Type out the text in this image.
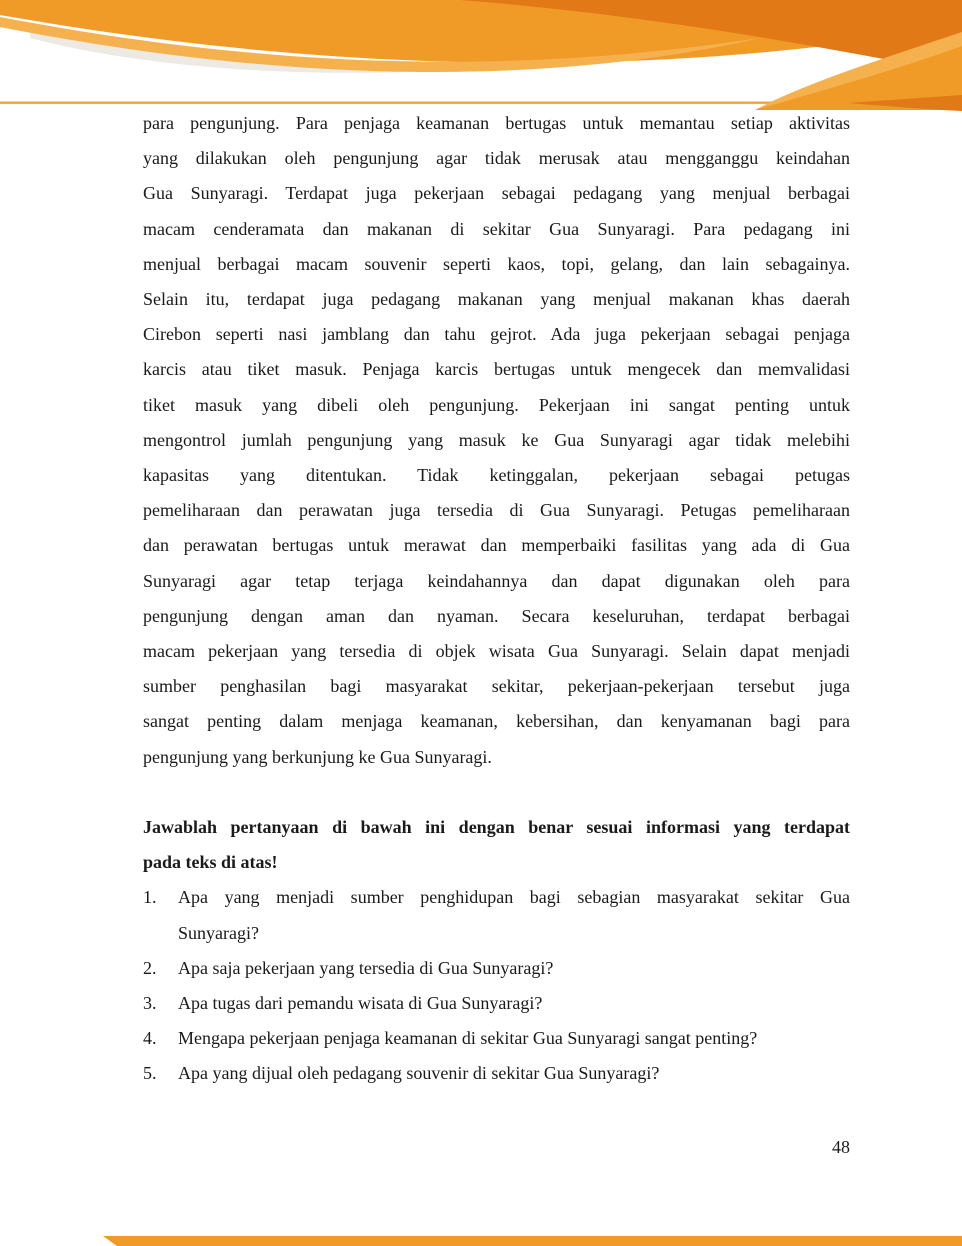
para pengunjung. Para penjaga keamanan bertugas untuk memantau setiap aktivitas
yang dilakukan oleh pengunjung agar tidak merusak atau mengganggu keindahan
Gua Sunyaragi. Terdapat juga pekerjaan sebagai pedagang yang menjual berbagai
macam cenderamata dan makanan di sekitar Gua Sunyaragi. Para pedagang ini
menjual berbagai macam souvenir seperti kaos, topi, gelang, dan lain sebagainya.
Selain itu, terdapat juga pedagang makanan yang menjual makanan khas daerah
Cirebon seperti nasi jamblang dan tahu gejrot. Ada juga pekerjaan sebagai penjaga
karcis atau tiket masuk. Penjaga karcis bertugas untuk mengecek dan memvalidasi
tiket masuk yang dibeli oleh pengunjung. Pekerjaan ini sangat penting untuk
mengontrol jumlah pengunjung yang masuk ke Gua Sunyaragi agar tidak melebihi
kapasitas yang ditentukan. Tidak ketinggalan, pekerjaan sebagai petugas
pemeliharaan dan perawatan juga tersedia di Gua Sunyaragi. Petugas pemeliharaan
dan perawatan bertugas untuk merawat dan memperbaiki fasilitas yang ada di Gua
Sunyaragi agar tetap terjaga keindahannya dan dapat digunakan oleh para
pengunjung dengan aman dan nyaman. Secara keseluruhan, terdapat berbagai
macam pekerjaan yang tersedia di objek wisata Gua Sunyaragi. Selain dapat menjadi
sumber penghasilan bagi masyarakat sekitar, pekerjaan-pekerjaan tersebut juga
sangat penting dalam menjaga keamanan, kebersihan, dan kenyamanan bagi para
pengunjung yang berkunjung ke Gua Sunyaragi.
Jawablah pertanyaan di bawah ini dengan benar sesuai informasi yang terdapat
pada teks di atas!
1.	Apa yang menjadi sumber penghidupan bagi sebagian masyarakat sekitar Gua
Sunyaragi?
2.	Apa saja pekerjaan yang tersedia di Gua Sunyaragi?
3.	Apa tugas dari pemandu wisata di Gua Sunyaragi?
4.	Mengapa pekerjaan penjaga keamanan di sekitar Gua Sunyaragi sangat penting?
5.	Apa yang dijual oleh pedagang souvenir di sekitar Gua Sunyaragi?
48
